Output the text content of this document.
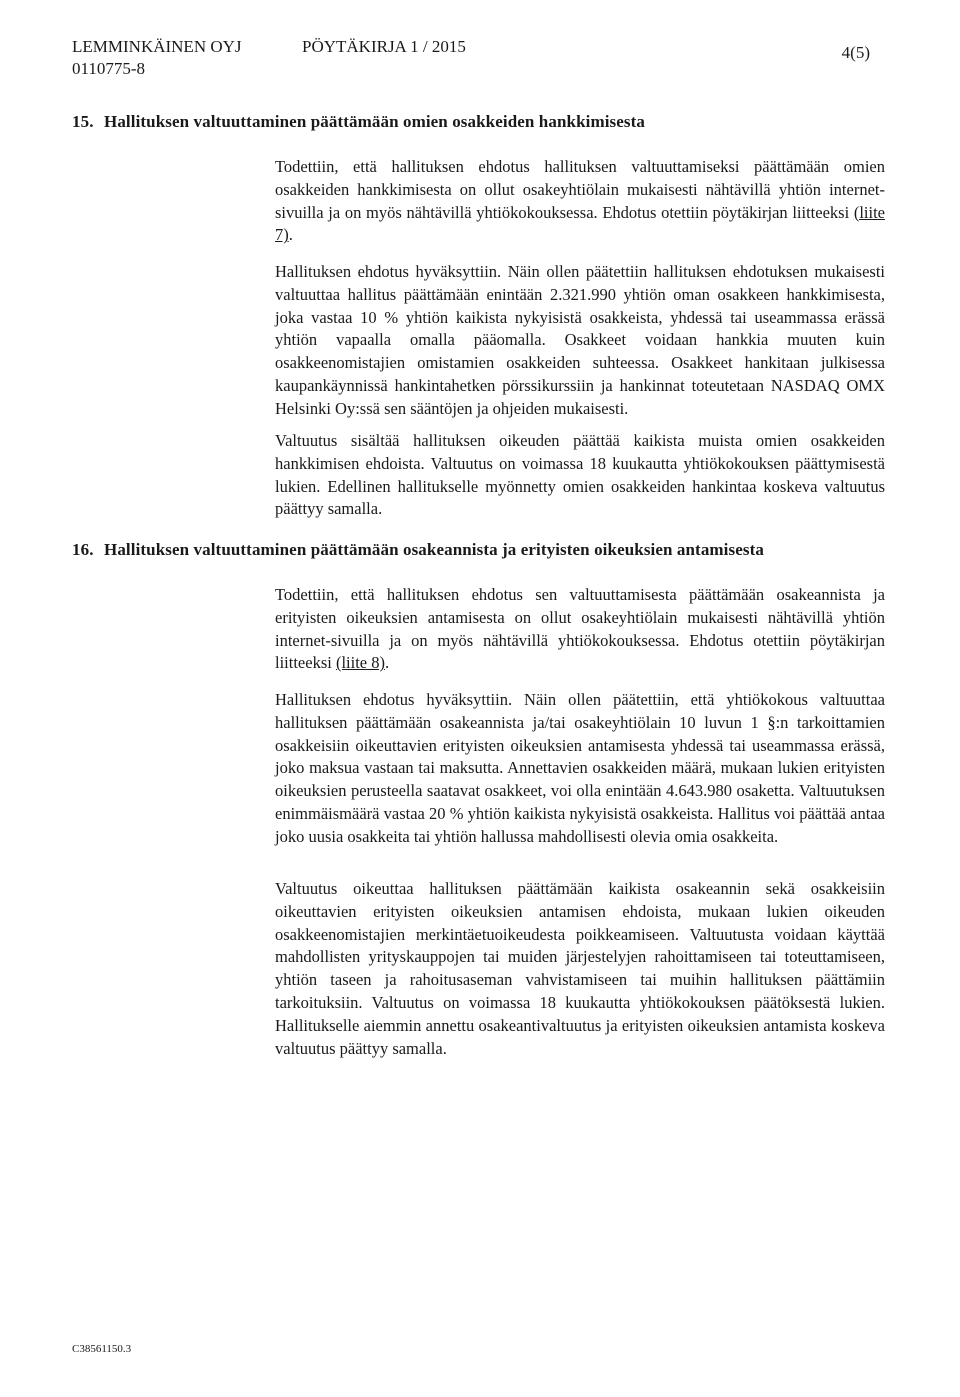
LEMMINKÄINEN OYJ
0110775-8
PÖYTÄKIRJA 1 / 2015	4(5)
15. Hallituksen valtuuttaminen päättämään omien osakkeiden hankkimisesta

Todettiin, että hallituksen ehdotus hallituksen valtuuttamiseksi päättämään omien osakkeiden hankkimisesta on ollut osakeyhtiölain mukaisesti nähtävillä yhtiön internet-sivuilla ja on myös nähtävillä yhtiökokouksessa. Ehdotus otettiin pöytäkirjan liitteeksi (liite 7).

Hallituksen ehdotus hyväksyttiin. Näin ollen päätettiin hallituksen ehdotuksen mukaisesti valtuuttaa hallitus päättämään enintään 2.321.990 yhtiön oman osakkeen hankkimisesta, joka vastaa 10 % yhtiön kaikista nykyisistä osakkeista, yhdessä tai useammassa erässä yhtiön vapaalla omalla pääomalla. Osakkeet voidaan hankkia muuten kuin osakkeenomistajien omistamien osakkeiden suhteessa. Osakkeet hankitaan julkisessa kaupankäynnissä hankintahetken pörssikurssiin ja hankinnat toteutetaan NASDAQ OMX Helsinki Oy:ssä sen sääntöjen ja ohjeiden mukaisesti.

Valtuutus sisältää hallituksen oikeuden päättää kaikista muista omien osakkeiden hankkimisen ehdoista. Valtuutus on voimassa 18 kuukautta yhtiökokouksen päättymisestä lukien. Edellinen hallitukselle myönnetty omien osakkeiden hankintaa koskeva valtuutus päättyy samalla.

16. Hallituksen valtuuttaminen päättämään osakeannista ja erityisten oikeuksien antamisesta

Todettiin, että hallituksen ehdotus sen valtuuttamisesta päättämään osakeannista ja erityisten oikeuksien antamisesta on ollut osakeyhtiölain mukaisesti nähtävillä yhtiön internet-sivuilla ja on myös nähtävillä yhtiökokouksessa. Ehdotus otettiin pöytäkirjan liitteeksi (liite 8).

Hallituksen ehdotus hyväksyttiin. Näin ollen päätettiin, että yhtiökokous valtuuttaa hallituksen päättämään osakeannista ja/tai osakeyhtiölain 10 luvun 1 §:n tarkoittamien osakkeisiin oikeuttavien erityisten oikeuksien antamisesta yhdessä tai useammassa erässä, joko maksua vastaan tai maksutta. Annettavien osakkeiden määrä, mukaan lukien erityisten oikeuksien perusteella saatavat osakkeet, voi olla enintään 4.643.980 osaketta. Valtuutuksen enimmäismäärä vastaa 20 % yhtiön kaikista nykyisistä osakkeista. Hallitus voi päättää antaa joko uusia osakkeita tai yhtiön hallussa mahdollisesti olevia omia osakkeita.

Valtuutus oikeuttaa hallituksen päättämään kaikista osakeannin sekä osakkeisiin oikeuttavien erityisten oikeuksien antamisen ehdoista, mukaan lukien oikeuden osakkeenomistajien merkintäetuoikeudesta poikkeamiseen. Valtuutusta voidaan käyttää mahdollisten yrityskauppojen tai muiden järjestelyjen rahoittamiseen tai toteuttamiseen, yhtiön taseen ja rahoitusaseman vahvistamiseen tai muihin hallituksen päättämiin tarkoituksiin. Valtuutus on voimassa 18 kuukautta yhtiökokouksen päätöksestä lukien. Hallitukselle aiemmin annettu osakeantivaltuutus ja erityisten oikeuksien antamista koskeva valtuutus päättyy samalla.

C38561150.3
